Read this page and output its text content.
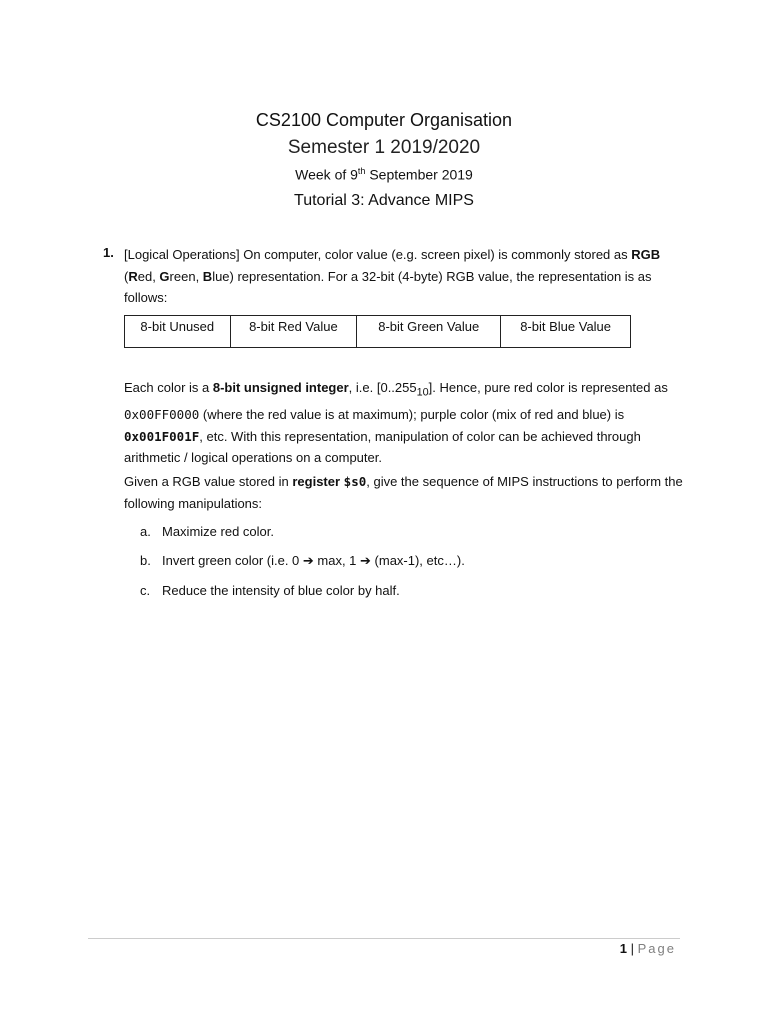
CS2100 Computer Organisation
Semester 1 2019/2020
Week of 9th September 2019
Tutorial 3: Advance MIPS
1. [Logical Operations] On computer, color value (e.g. screen pixel) is commonly stored as RGB (Red, Green, Blue) representation. For a 32-bit (4-byte) RGB value, the representation is as follows:
8-bit Unused	8-bit Red Value	8-bit Green Value	8-bit Blue Value
Each color is a 8-bit unsigned integer, i.e. $[0..255_{10}]$. Hence, pure red color is represented as 0x00FF0000 (where the red value is at maximum); purple color (mix of red and blue) is 0x001F001F, etc. With this representation, manipulation of color can be achieved through arithmetic / logical operations on a computer.
Given a RGB value stored in register $s0, give the sequence of MIPS instructions to perform the following manipulations:
a. Maximize red color.
b. Invert green color (i.e. 0 ➔ max, 1 ➔ (max-1), etc…).
c. Reduce the intensity of blue color by half.
1 | Page
